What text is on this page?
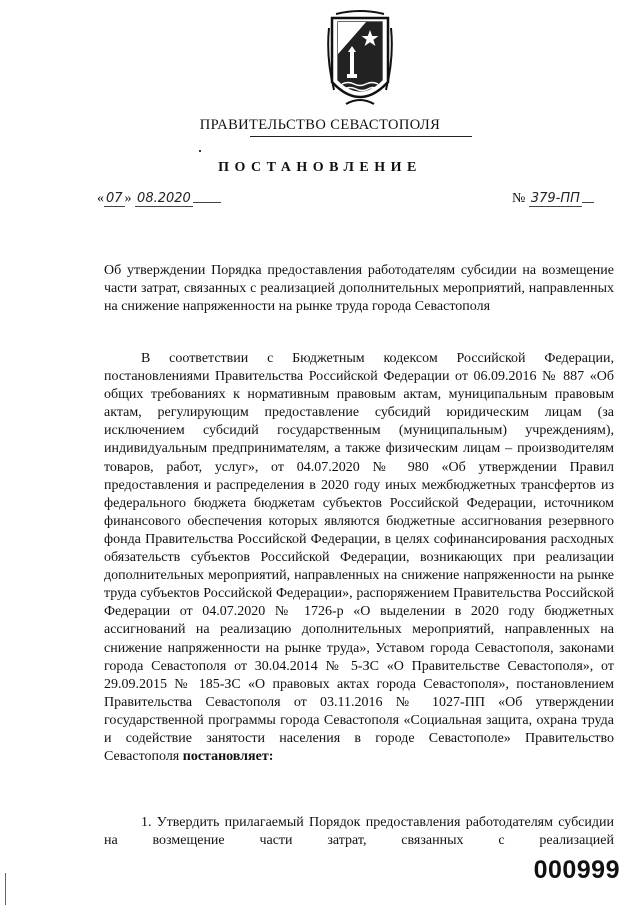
ПРАВИТЕЛЬСТВО СЕВАСТОПОЛЯ
ПОСТАНОВЛЕНИЕ
« 07 » 08.2020	№ 379-ПП

Об утверждении Порядка предоставления работодателям субсидии на возмещение части затрат, связанных с реализацией дополнительных мероприятий, направленных на снижение напряженности на рынке труда города Севастополя

В соответствии с Бюджетным кодексом Российской Федерации, постановлениями Правительства Российской Федерации от 06.09.2016 № 887 «Об общих требованиях к нормативным правовым актам, муниципальным правовым актам, регулирующим предоставление субсидий юридическим лицам (за исключением субсидий государственным (муниципальным) учреждениям), индивидуальным предпринимателям, а также физическим лицам – производителям товаров, работ, услуг», от 04.07.2020 № 980 «Об утверждении Правил предоставления и распределения в 2020 году иных межбюджетных трансфертов из федерального бюджета бюджетам субъектов Российской Федерации, источником финансового обеспечения которых являются бюджетные ассигнования резервного фонда Правительства Российской Федерации, в целях софинансирования расходных обязательств субъектов Российской Федерации, возникающих при реализации дополнительных мероприятий, направленных на снижение напряженности на рынке труда субъектов Российской Федерации», распоряжением Правительства Российской Федерации от 04.07.2020 № 1726-р «О выделении в 2020 году бюджетных ассигнований на реализацию дополнительных мероприятий, направленных на снижение напряженности на рынке труда», Уставом города Севастополя, законами города Севастополя от 30.04.2014 № 5-ЗС «О Правительстве Севастополя», от 29.09.2015 № 185-ЗС «О правовых актах города Севастополя», постановлением Правительства Севастополя от 03.11.2016 № 1027-ПП «Об утверждении государственной программы города Севастополя «Социальная защита, охрана труда и содействие занятости населения в городе Севастополе» Правительство Севастополя постановляет:

1. Утвердить прилагаемый Порядок предоставления работодателям субсидии на возмещение части затрат, связанных с реализацией

000999
